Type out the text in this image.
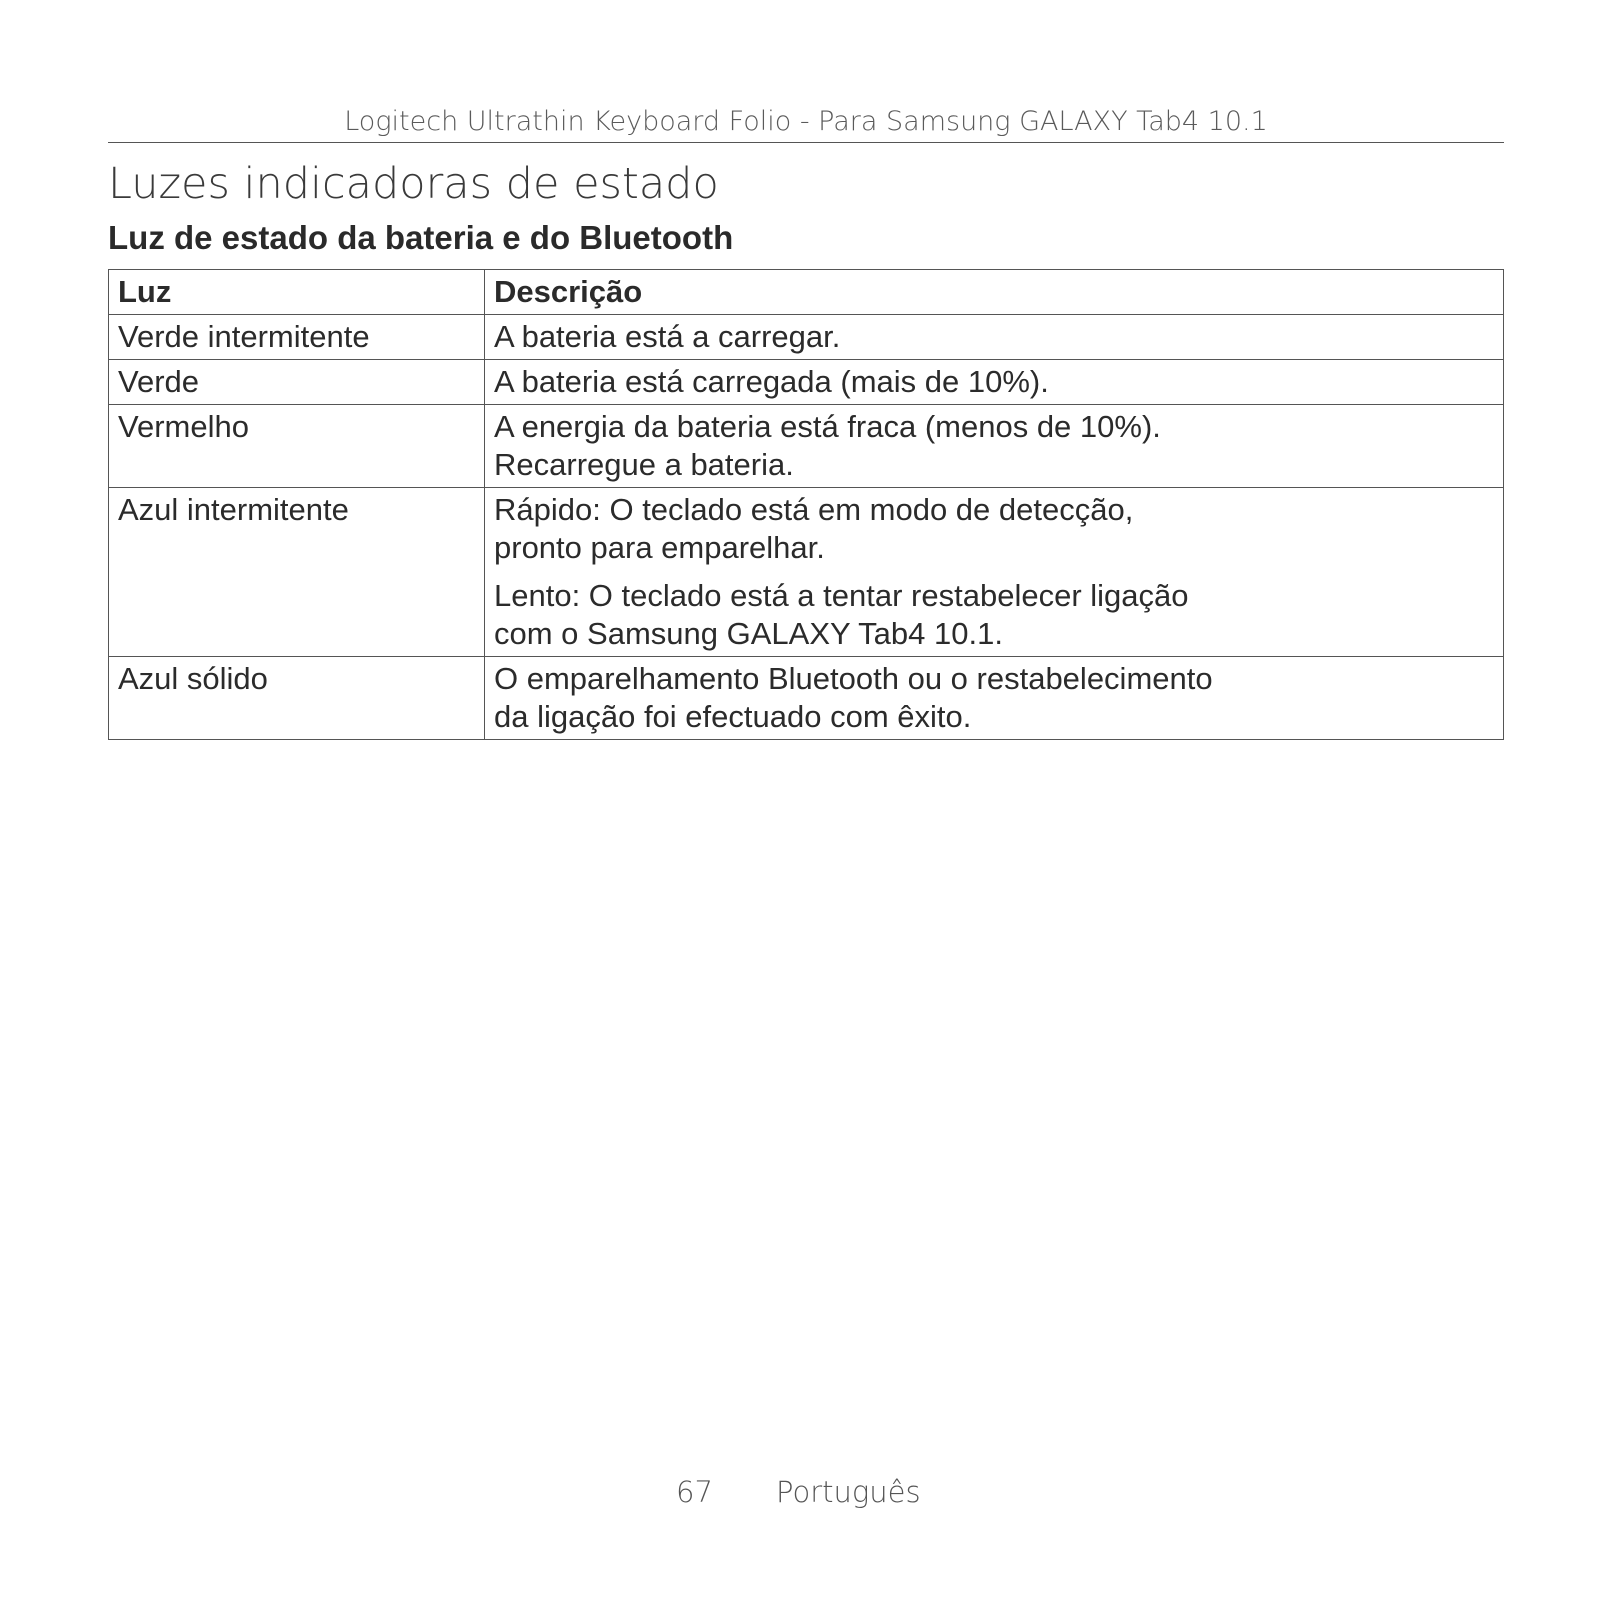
Logitech Ultrathin Keyboard Folio - Para Samsung GALAXY Tab4 10.1
Luzes indicadoras de estado
Luz de estado da bateria e do Bluetooth
Luz	Descrição
Verde intermitente	A bateria está a carregar.

Verde	A bateria está carregada (mais de 10%).

Vermelho	A energia da bateria está fraca (menos de 10%).
Recarregue a bateria.

Azul intermitente	Rápido: O teclado está em modo de detecção,
pronto para emparelhar.
Lento: O teclado está a tentar restabelecer ligação
com o Samsung GALAXY Tab4 10.1.

Azul sólido	O emparelhamento Bluetooth ou o restabelecimento
da ligação foi efectuado com êxito.
67 Português
